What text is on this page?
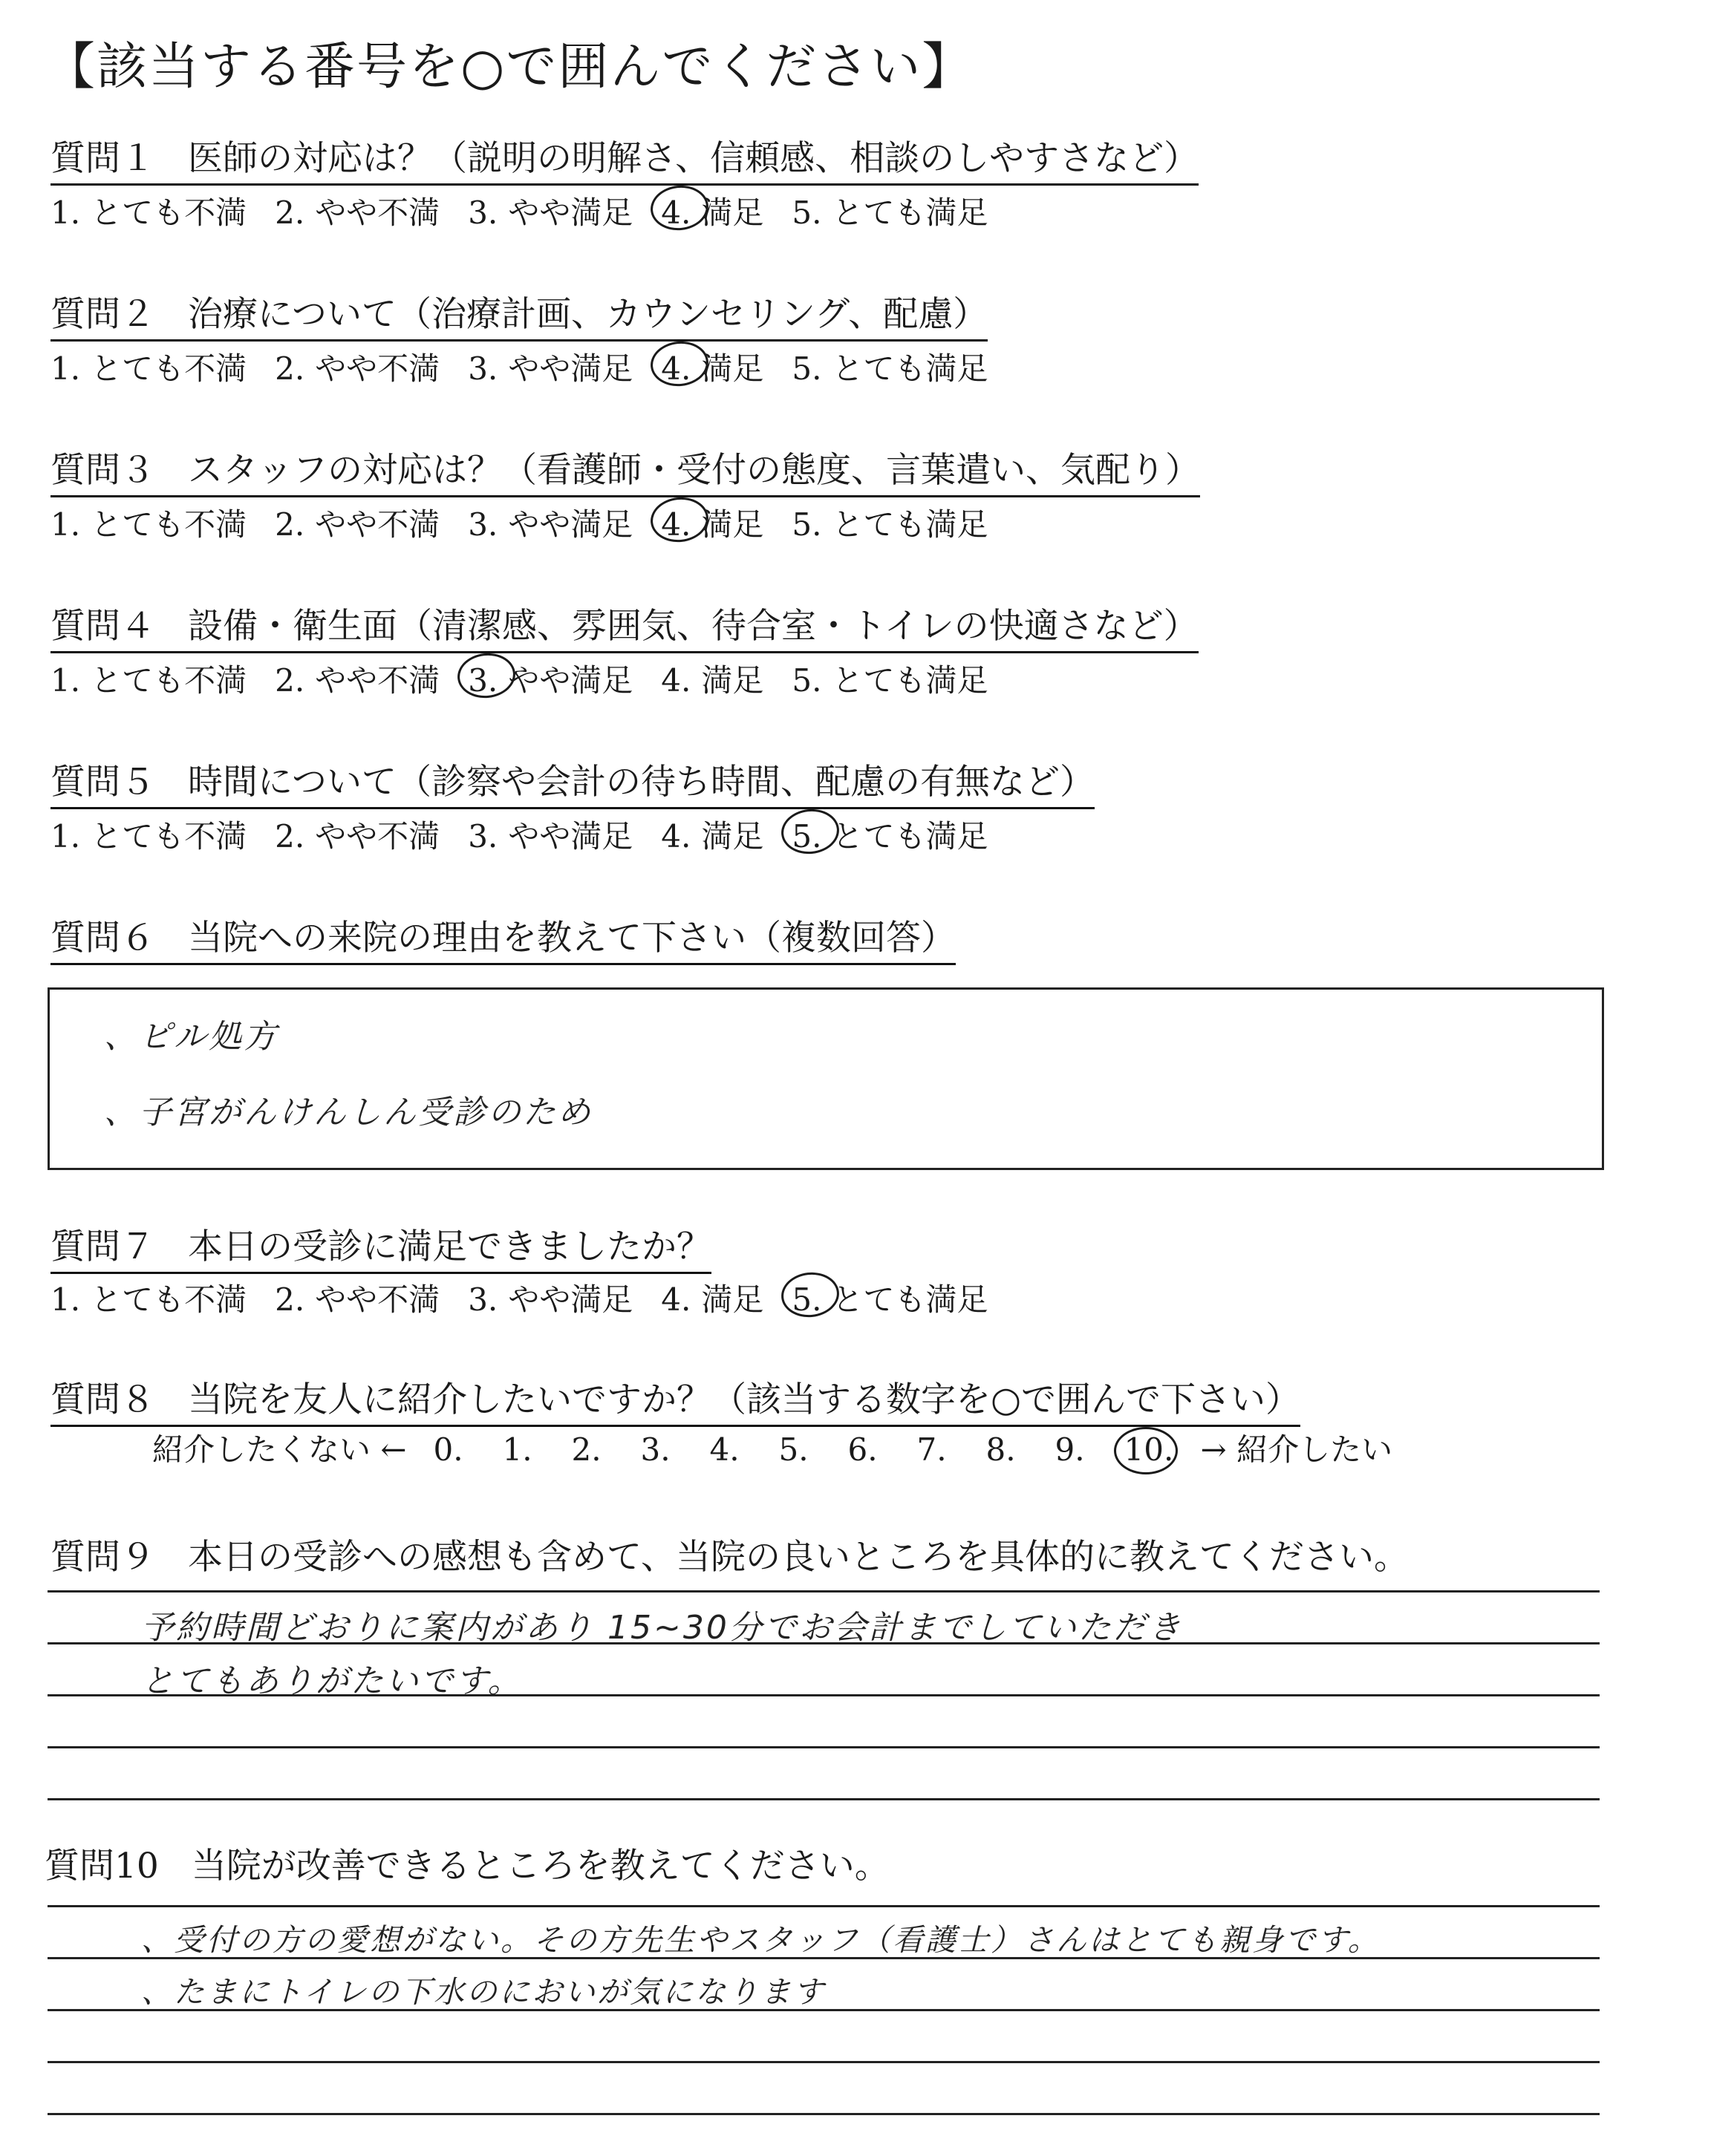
【該当する番号を○で囲んでください】
質問１ 医師の対応は？（説明の明解さ、信頼感、相談のしやすさなど）
1. とても不満 2. やや不満 3. やや満足 4. 満足 5. とても満足
質問２ 治療について（治療計画、カウンセリング、配慮）
1. とても不満 2. やや不満 3. やや満足 4. 満足 5. とても満足
質問３ スタッフの対応は？（看護師・受付の態度、言葉遣い、気配り）
1. とても不満 2. やや不満 3. やや満足 4. 満足 5. とても満足
質問４ 設備・衛生面（清潔感、雰囲気、待合室・トイレの快適さなど）
1. とても不満 2. やや不満 3. やや満足 4. 満足 5. とても満足
質問５ 時間について（診察や会計の待ち時間、配慮の有無など）
1. とても不満 2. やや不満 3. やや満足 4. 満足 5. とても満足
質問６ 当院への来院の理由を教えて下さい（複数回答）
、ピル処方
、子宮がんけんしん受診のため
質問７ 本日の受診に満足できましたか？
1. とても不満 2. やや不満 3. やや満足 4. 満足 5. とても満足
質問８ 当院を友人に紹介したいですか？（該当する数字を○で囲んで下さい）
紹介したくない ← 0. 1. 2. 3. 4. 5. 6. 7. 8. 9. 10. → 紹介したい
質問９ 本日の受診への感想も含めて、当院の良いところを具体的に教えてください。
予約時間どおりに案内があり 15~30分でお会計までしていただき
とてもありがたいです。
質問10 当院が改善できるところを教えてください。
、受付の方の愛想がない。その方先生やスタッフ（看護士）さんはとても親身です。
、たまにトイレの下水のにおいが気になります
